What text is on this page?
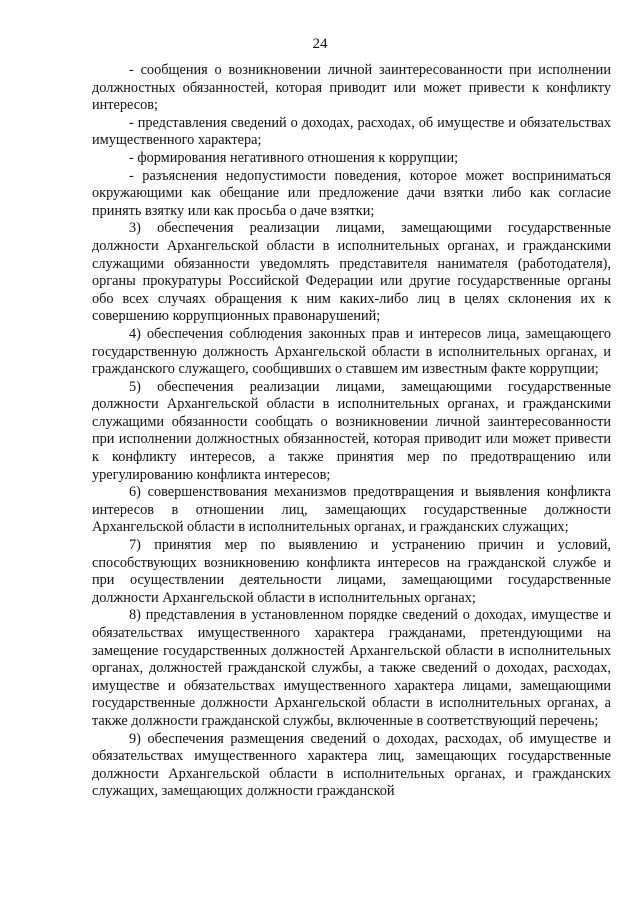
24

- сообщения о возникновении личной заинтересованности при исполнении должностных обязанностей, которая приводит или может привести к конфликту интересов;

- представления сведений о доходах, расходах, об имуществе и обязательствах имущественного характера;

- формирования негативного отношения к коррупции;

- разъяснения недопустимости поведения, которое может восприниматься окружающими как обещание или предложение дачи взятки либо как согласие принять взятку или как просьба о даче взятки;

3) обеспечения реализации лицами, замещающими государственные должности Архангельской области в исполнительных органах, и гражданскими служащими обязанности уведомлять представителя нанимателя (работодателя), органы прокуратуры Российской Федерации или другие государственные органы обо всех случаях обращения к ним каких-либо лиц в целях склонения их к совершению коррупционных правонарушений;

4) обеспечения соблюдения законных прав и интересов лица, замещающего государственную должность Архангельской области в исполнительных органах, и гражданского служащего, сообщивших о ставшем им известным факте коррупции;

5) обеспечения реализации лицами, замещающими государственные должности Архангельской области в исполнительных органах, и гражданскими служащими обязанности сообщать о возникновении личной заинтересованности при исполнении должностных обязанностей, которая приводит или может привести к конфликту интересов, а также принятия мер по предотвращению или урегулированию конфликта интересов;

6) совершенствования механизмов предотвращения и выявления конфликта интересов в отношении лиц, замещающих государственные должности Архангельской области в исполнительных органах, и гражданских служащих;

7) принятия мер по выявлению и устранению причин и условий, способствующих возникновению конфликта интересов на гражданской службе и при осуществлении деятельности лицами, замещающими государственные должности Архангельской области в исполнительных органах;

8) представления в установленном порядке сведений о доходах, имуществе и обязательствах имущественного характера гражданами, претендующими на замещение государственных должностей Архангельской области в исполнительных органах, должностей гражданской службы, а также сведений о доходах, расходах, имуществе и обязательствах имущественного характера лицами, замещающими государственные должности Архангельской области в исполнительных органах, а также должности гражданской службы, включенные в соответствующий перечень;

9) обеспечения размещения сведений о доходах, расходах, об имуществе и обязательствах имущественного характера лиц, замещающих государственные должности Архангельской области в исполнительных органах, и гражданских служащих, замещающих должности гражданской
